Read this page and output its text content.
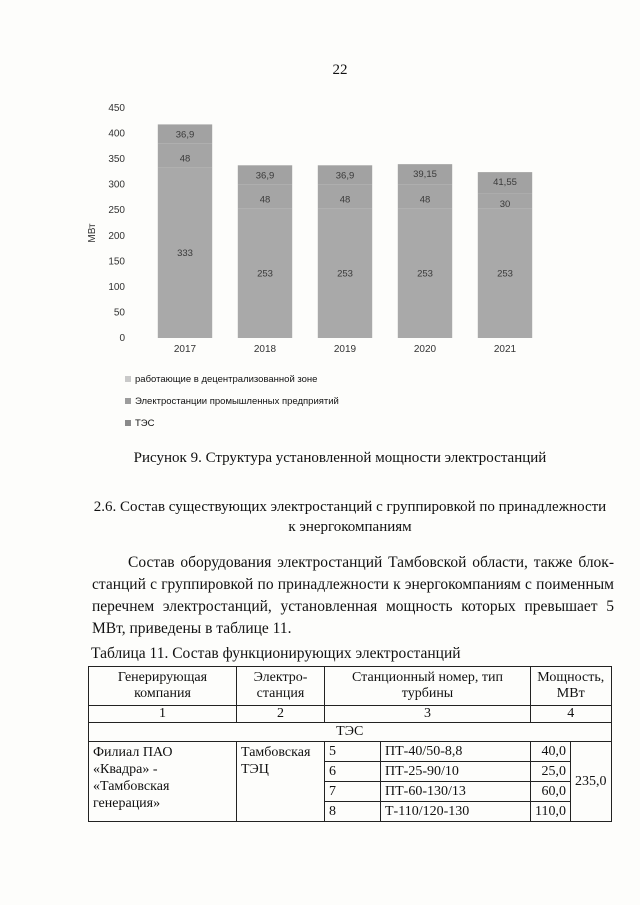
22
0
50
100
150
200
250
300
350
400
450
МВт
333
48
36,9
2017
253
48
36,9
2018
253
48
36,9
2019
253
48
39,15
2020
253
30
41,55
2021
работающие в децентрализованной зоне
Электростанции промышленных предприятий
ТЭС
Рисунок 9. Структура установленной мощности электростанций
2.6. Состав существующих электростанций с группировкой по принадлежности
к энергокомпаниям
Состав оборудования электростанций Тамбовской области, также блок-станций с группировкой по принадлежности к энергокомпаниям с поименным перечнем электростанций, установленная мощность которых превышает 5 МВт, приведены в таблице 11.
Таблица 11. Состав функционирующих электростанций
Генерирующая компания	Электро-станция	Станционный номер, тип турбины		Мощность, МВт	
1	2	3		4	
ТЭС					
Филиал ПАО «Квадра» - «Тамбовская генерация»	Тамбовская ТЭЦ	5	ПТ-40/50-8,8	40,0	235,0
		6	ПТ-25-90/10	25,0	
		7	ПТ-60-130/13	60,0	
		8	Т-110/120-130	110,0	
